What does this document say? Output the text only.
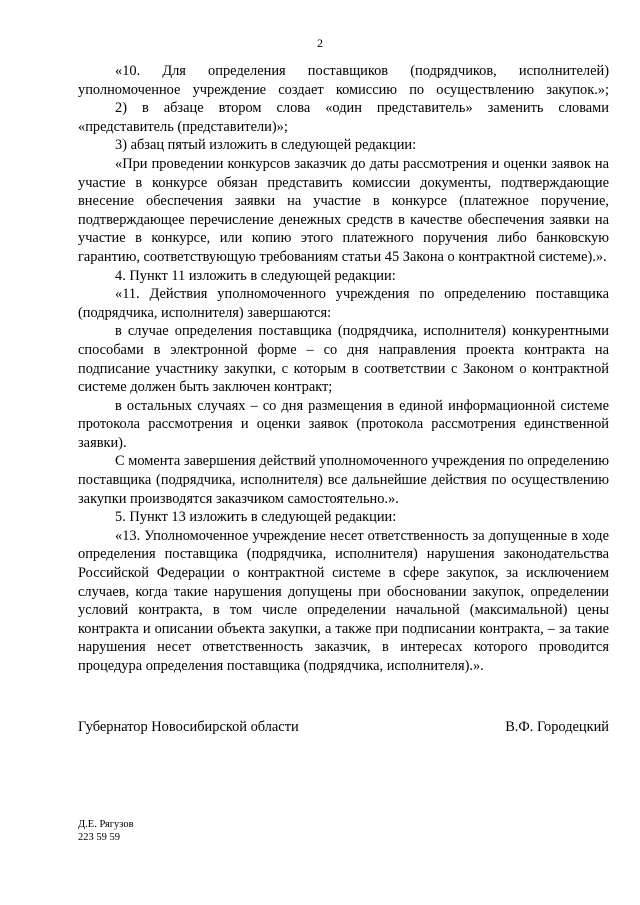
2

«10. Для определения поставщиков (подрядчиков, исполнителей) уполномоченное учреждение создает комиссию по осуществлению закупок.»;

2) в абзаце втором слова «один представитель» заменить словами «представитель (представители)»;

3) абзац пятый изложить в следующей редакции:

«При проведении конкурсов заказчик до даты рассмотрения и оценки заявок на участие в конкурсе обязан представить комиссии документы, подтверждающие внесение обеспечения заявки на участие в конкурсе (платежное поручение, подтверждающее перечисление денежных средств в качестве обеспечения заявки на участие в конкурсе, или копию этого платежного поручения либо банковскую гарантию, соответствующую требованиям статьи 45 Закона о контрактной системе).».

4. Пункт 11 изложить в следующей редакции:

«11. Действия уполномоченного учреждения по определению поставщика (подрядчика, исполнителя) завершаются:

в случае определения поставщика (подрядчика, исполнителя) конкурентными способами в электронной форме – со дня направления проекта контракта на подписание участнику закупки, с которым в соответствии с Законом о контрактной системе должен быть заключен контракт;

в остальных случаях – со дня размещения в единой информационной системе протокола рассмотрения и оценки заявок (протокола рассмотрения единственной заявки).

С момента завершения действий уполномоченного учреждения по определению поставщика (подрядчика, исполнителя) все дальнейшие действия по осуществлению закупки производятся заказчиком самостоятельно.».

5. Пункт 13 изложить в следующей редакции:

«13. Уполномоченное учреждение несет ответственность за допущенные в ходе определения поставщика (подрядчика, исполнителя) нарушения законодательства Российской Федерации о контрактной системе в сфере закупок, за исключением случаев, когда такие нарушения допущены при обосновании закупок, определении условий контракта, в том числе определении начальной (максимальной) цены контракта и описании объекта закупки, а также при подписании контракта, – за такие нарушения несет ответственность заказчик, в интересах которого проводится процедура определения поставщика (подрядчика, исполнителя).».

Губернатор Новосибирской области	В.Ф. Городецкий
Д.Е. Рягузов
223 59 59
